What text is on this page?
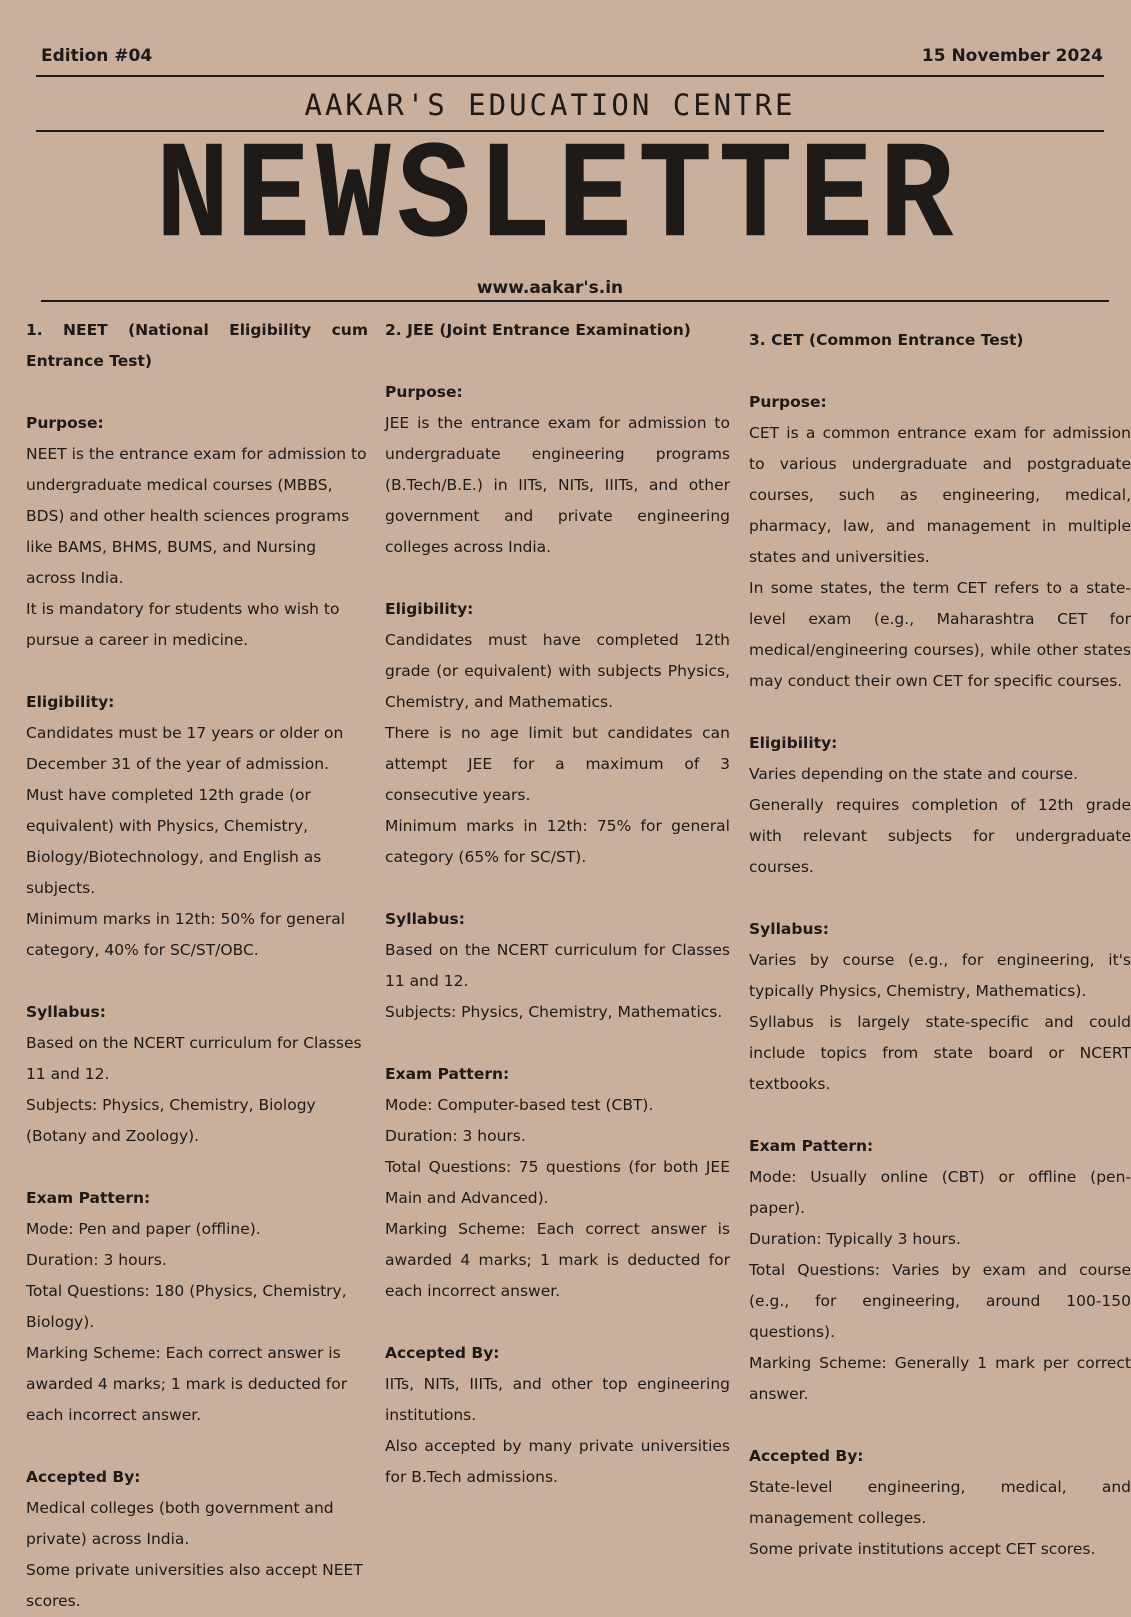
Edition #04	15 November 2024
AAKAR'S EDUCATION CENTRE
NEWSLETTER
www.aakar's.in

1. NEET (National Eligibility cum Entrance Test)

Purpose:

NEET is the entrance exam for admission to undergraduate medical courses (MBBS, BDS) and other health sciences programs like BAMS, BHMS, BUMS, and Nursing across India.

It is mandatory for students who wish to pursue a career in medicine.

Eligibility:

Candidates must be 17 years or older on December 31 of the year of admission.

Must have completed 12th grade (or equivalent) with Physics, Chemistry, Biology/Biotechnology, and English as subjects.

Minimum marks in 12th: 50% for general category, 40% for SC/ST/OBC.

Syllabus:

Based on the NCERT curriculum for Classes 11 and 12.

Subjects: Physics, Chemistry, Biology (Botany and Zoology).

Exam Pattern:

Mode: Pen and paper (offline).

Duration: 3 hours.

Total Questions: 180 (Physics, Chemistry, Biology).

Marking Scheme: Each correct answer is awarded 4 marks; 1 mark is deducted for each incorrect answer.

Accepted By:

Medical colleges (both government and private) across India.

Some private universities also accept NEET scores.

2. JEE (Joint Entrance Examination)

Purpose:

JEE is the entrance exam for admission to undergraduate engineering programs (B.Tech/B.E.) in IITs, NITs, IIITs, and other government and private engineering colleges across India.

Eligibility:

Candidates must have completed 12th grade (or equivalent) with subjects Physics, Chemistry, and Mathematics.

There is no age limit but candidates can attempt JEE for a maximum of 3 consecutive years.

Minimum marks in 12th: 75% for general category (65% for SC/ST).

Syllabus:

Based on the NCERT curriculum for Classes 11 and 12.

Subjects: Physics, Chemistry, Mathematics.

Exam Pattern:

Mode: Computer-based test (CBT).

Duration: 3 hours.

Total Questions: 75 questions (for both JEE Main and Advanced).

Marking Scheme: Each correct answer is awarded 4 marks; 1 mark is deducted for each incorrect answer.

Accepted By:

IITs, NITs, IIITs, and other top engineering institutions.

Also accepted by many private universities for B.Tech admissions.

3. CET (Common Entrance Test)

Purpose:

CET is a common entrance exam for admission to various undergraduate and postgraduate courses, such as engineering, medical, pharmacy, law, and management in multiple states and universities.

In some states, the term CET refers to a state-level exam (e.g., Maharashtra CET for medical/engineering courses), while other states may conduct their own CET for specific courses.

Eligibility:

Varies depending on the state and course.

Generally requires completion of 12th grade with relevant subjects for undergraduate courses.

Syllabus:

Varies by course (e.g., for engineering, it's typically Physics, Chemistry, Mathematics).

Syllabus is largely state-specific and could include topics from state board or NCERT textbooks.

Exam Pattern:

Mode: Usually online (CBT) or offline (pen-paper).

Duration: Typically 3 hours.

Total Questions: Varies by exam and course (e.g., for engineering, around 100-150 questions).

Marking Scheme: Generally 1 mark per correct answer.

Accepted By:

State-level engineering, medical, and management colleges.

Some private institutions accept CET scores.
